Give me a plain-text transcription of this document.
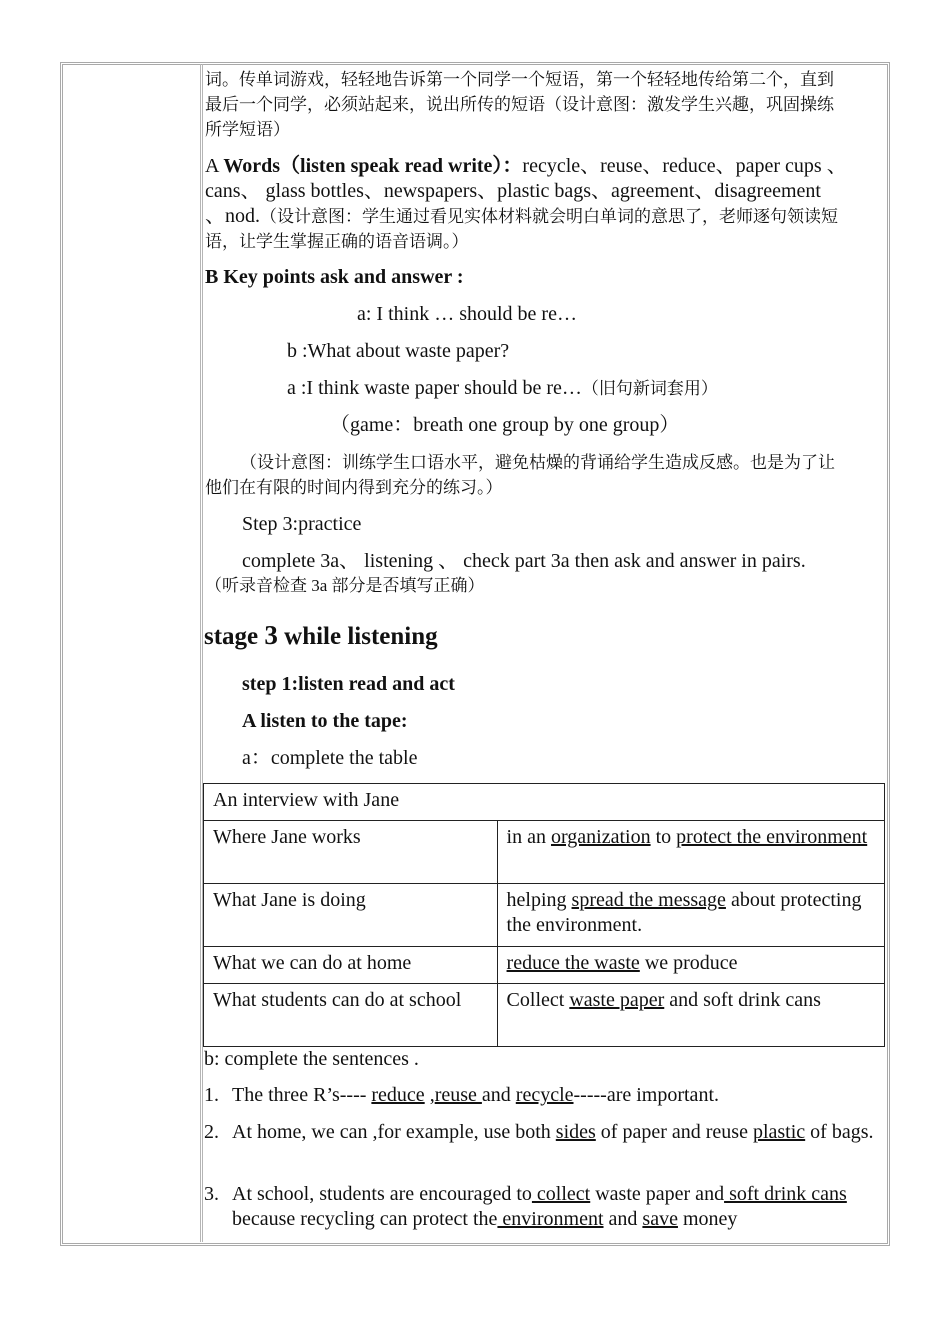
词。传单词游戏，轻轻地告诉第一个同学一个短语，第一个轻轻地传给第二个，直到
最后一个同学，必须站起来，说出所传的短语（设计意图：激发学生兴趣，巩固操练
所学短语）
A Words（listen speak read write）：recycle、reuse、reduce、paper cups 、
cans、 glass bottles、newspapers、plastic bags、agreement、disagreement
、nod.（设计意图：学生通过看见实体材料就会明白单词的意思了，老师逐句领读短
语，让学生掌握正确的语音语调。）
B Key points ask and answer :
a: I think … should be re…
b :What about waste paper?
a :I think waste paper should be re…（旧句新词套用）
（game：breath one group by one group）
（设计意图：训练学生口语水平，避免枯燥的背诵给学生造成反感。也是为了让
他们在有限的时间内得到充分的练习。）
Step 3:practice
complete 3a、 listening 、 check part 3a then ask and answer in pairs.
（听录音检查 3a 部分是否填写正确）
stage 3 while listening
step 1:listen read and act
A listen to the tape:
a：complete the table
An interview with Jane	
Where Jane works	in an organization to protect the environment
What Jane is doing	helping spread the message about protecting the environment.
What we can do at home	reduce the waste we produce
What students can do at school	Collect waste paper and soft drink cans
b: complete the sentences .
1. The three R’s---- reduce ,reuse and recycle-----are important.
2. At home, we can ,for example, use both sides of paper and reuse plastic of bags.
3. At school, students are encouraged to collect waste paper and soft drink cans because recycling can protect the environment and save money
